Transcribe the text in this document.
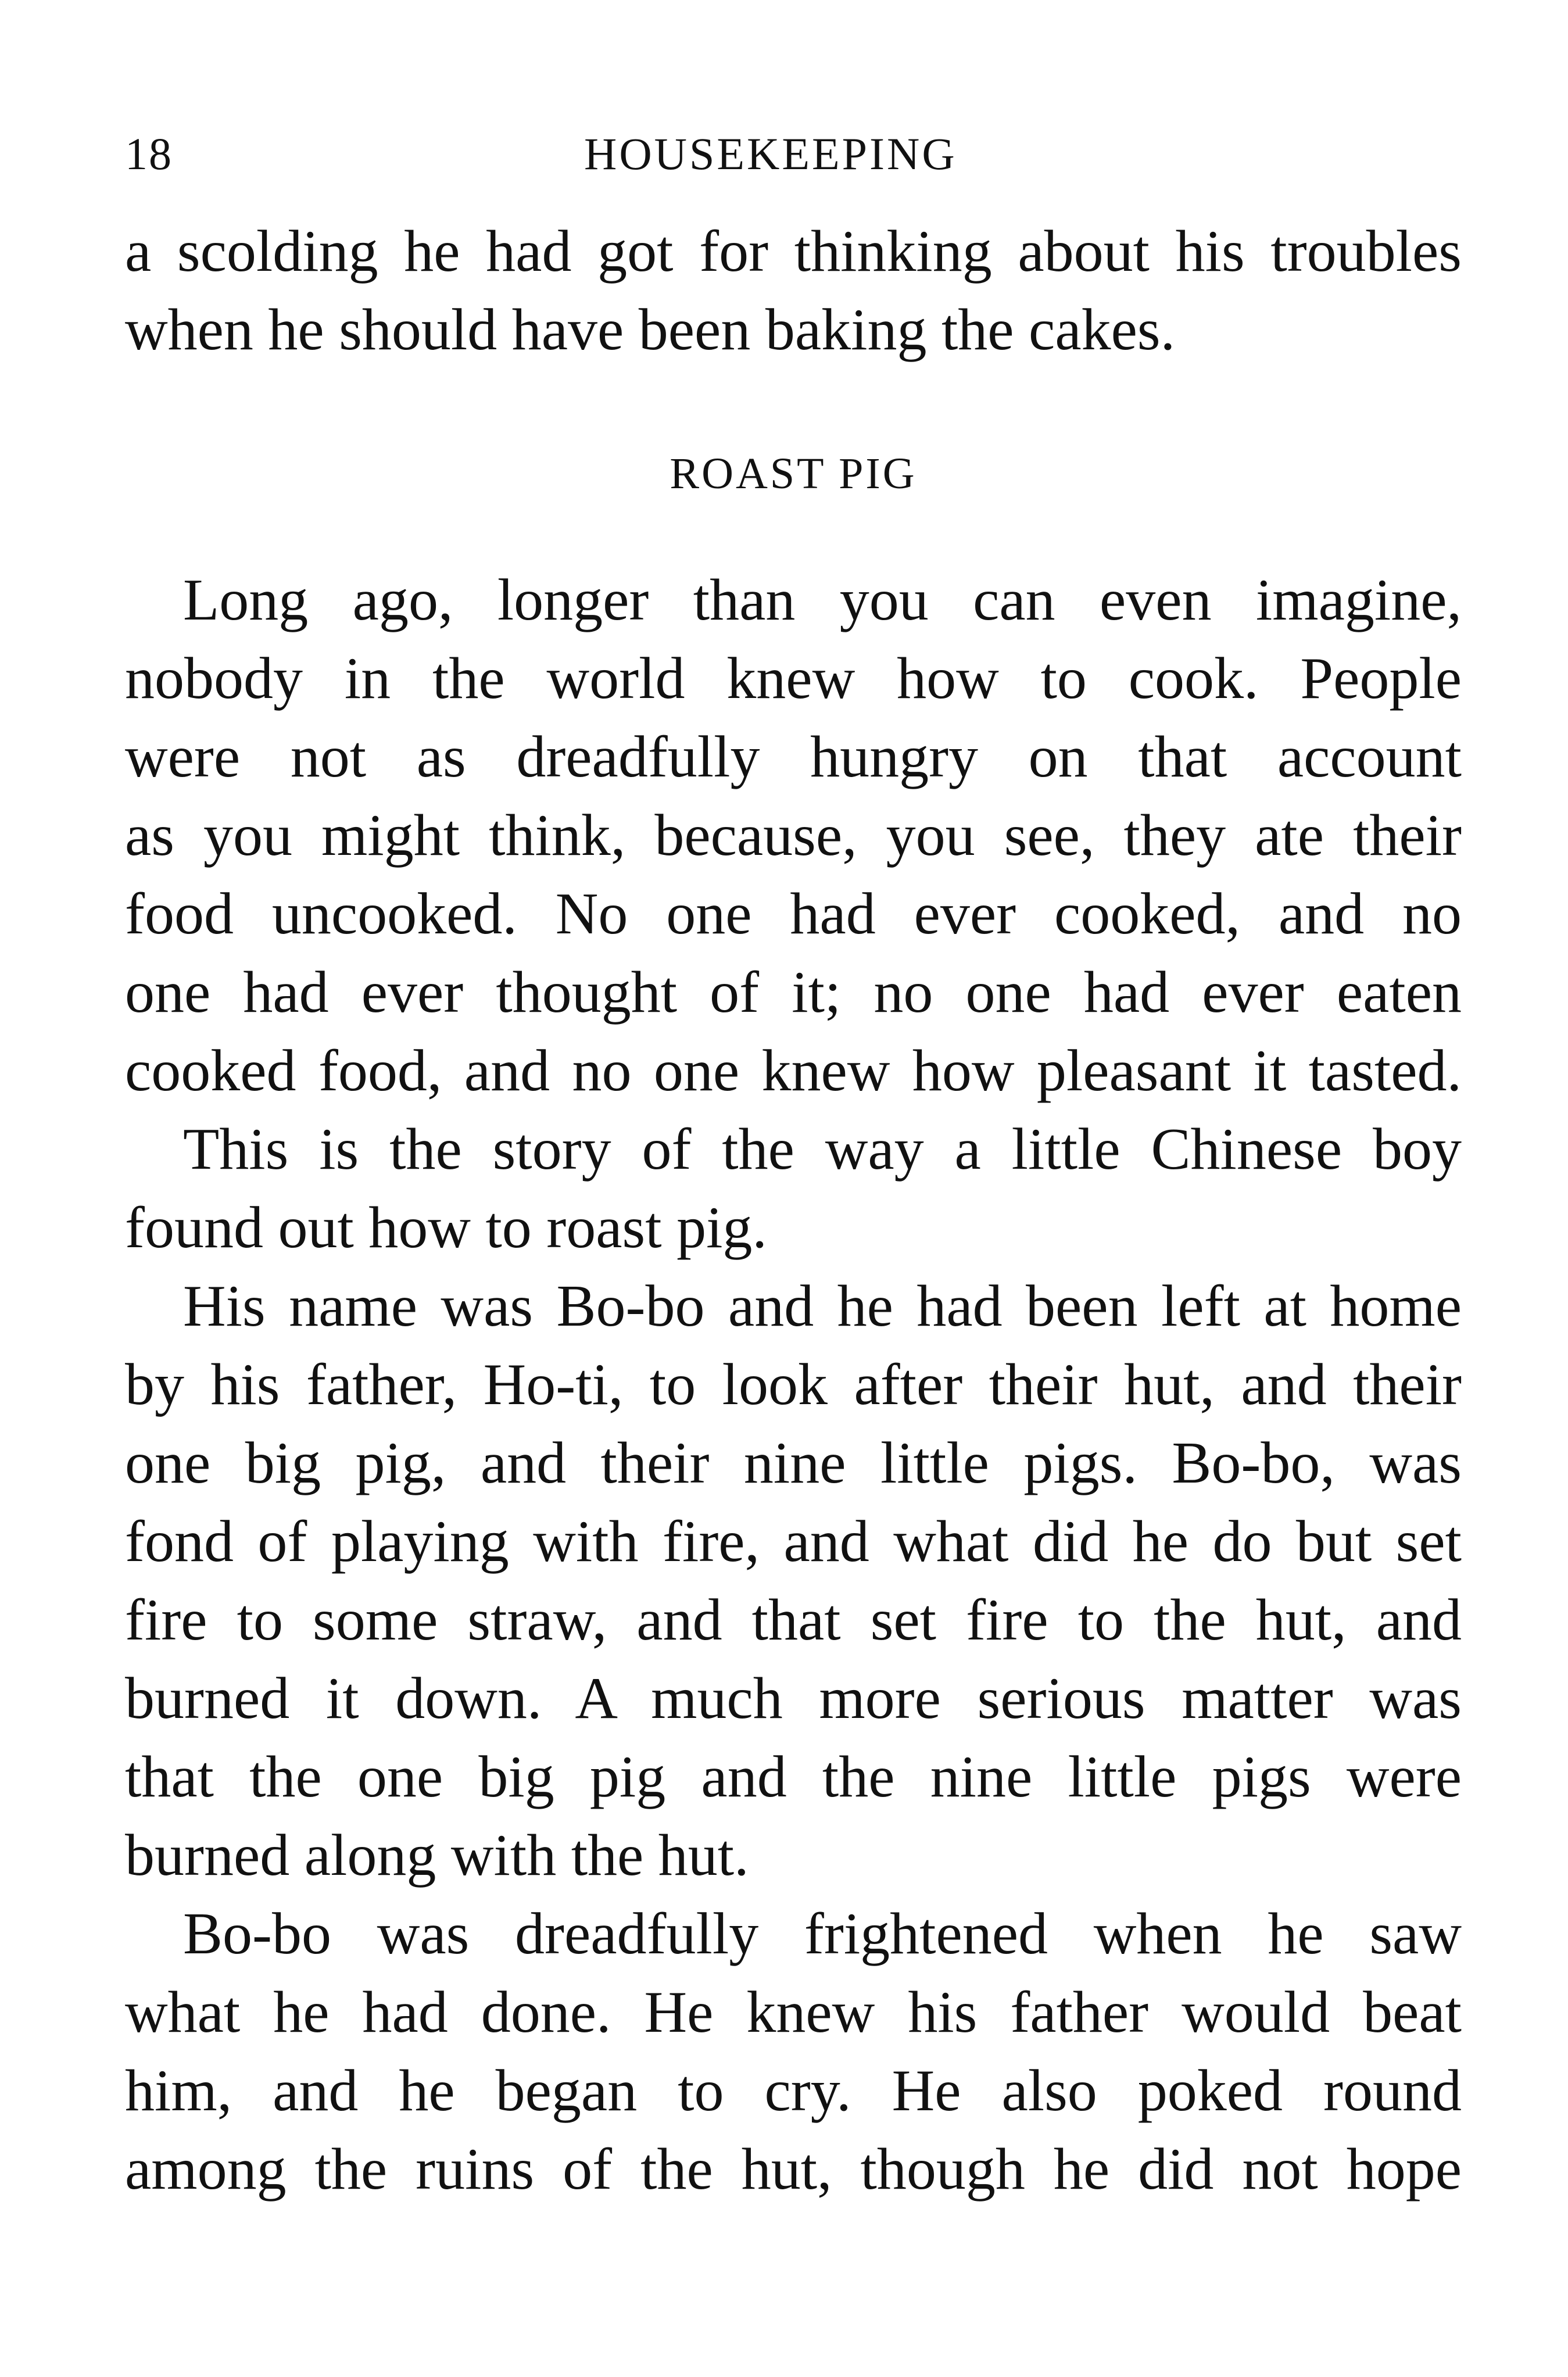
18	HOUSEKEEPING
a scolding he had got for thinking about his troubles
when he should have been baking the cakes.
ROAST PIG
Long ago, longer than you can even imagine,
nobody in the world knew how to cook. People
were not as dreadfully hungry on that account
as you might think, because, you see, they ate their
food uncooked. No one had ever cooked, and no
one had ever thought of it; no one had ever eaten
cooked food, and no one knew how pleasant it tasted.
This is the story of the way a little Chinese boy
found out how to roast pig.
His name was Bo-bo and he had been left at home
by his father, Ho-ti, to look after their hut, and their
one big pig, and their nine little pigs. Bo-bo, was
fond of playing with fire, and what did he do but set
fire to some straw, and that set fire to the hut, and
burned it down. A much more serious matter was
that the one big pig and the nine little pigs were
burned along with the hut.
Bo-bo was dreadfully frightened when he saw
what he had done. He knew his father would beat
him, and he began to cry. He also poked round
among the ruins of the hut, though he did not hope
